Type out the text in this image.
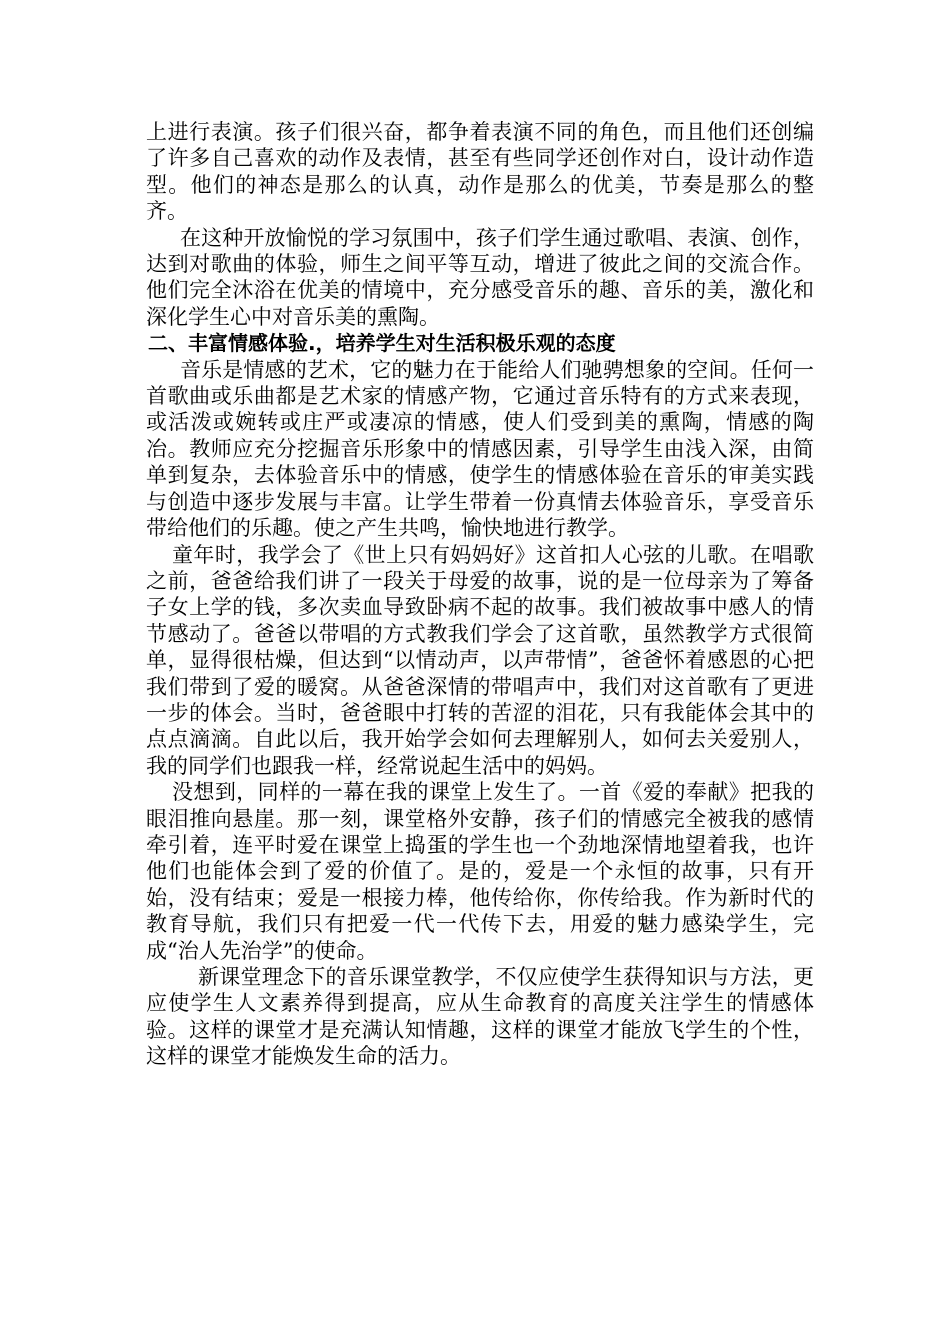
上进行表演。孩子们很兴奋，都争着表演不同的角色，而且他们还创编了许多自己喜欢的动作及表情，甚至有些同学还创作对白，设计动作造型。他们的神态是那么的认真，动作是那么的优美，节奏是那么的整齐。

在这种开放愉悦的学习氛围中，孩子们学生通过歌唱、表演、创作，达到对歌曲的体验，师生之间平等互动，增进了彼此之间的交流合作。他们完全沐浴在优美的情境中，充分感受音乐的趣、音乐的美，激化和深化学生心中对音乐美的熏陶。

二、丰富情感体验.，培养学生对生活积极乐观的态度

音乐是情感的艺术，它的魅力在于能给人们驰骋想象的空间。任何一首歌曲或乐曲都是艺术家的情感产物，它通过音乐特有的方式来表现，或活泼或婉转或庄严或凄凉的情感，使人们受到美的熏陶，情感的陶冶。教师应充分挖掘音乐形象中的情感因素，引导学生由浅入深，由简单到复杂，去体验音乐中的情感，使学生的情感体验在音乐的审美实践与创造中逐步发展与丰富。让学生带着一份真情去体验音乐，享受音乐带给他们的乐趣。使之产生共鸣，愉快地进行教学。

童年时，我学会了《世上只有妈妈好》这首扣人心弦的儿歌。在唱歌之前，爸爸给我们讲了一段关于母爱的故事，说的是一位母亲为了筹备子女上学的钱，多次卖血导致卧病不起的故事。我们被故事中感人的情节感动了。爸爸以带唱的方式教我们学会了这首歌，虽然教学方式很简单，显得很枯燥，但达到“以情动声，以声带情”，爸爸怀着感恩的心把我们带到了爱的暖窝。从爸爸深情的带唱声中，我们对这首歌有了更进一步的体会。当时，爸爸眼中打转的苦涩的泪花，只有我能体会其中的点点滴滴。自此以后，我开始学会如何去理解别人，如何去关爱别人，我的同学们也跟我一样，经常说起生活中的妈妈。

没想到，同样的一幕在我的课堂上发生了。一首《爱的奉献》把我的眼泪推向悬崖。那一刻，课堂格外安静，孩子们的情感完全被我的感情牵引着，连平时爱在课堂上捣蛋的学生也一个劲地深情地望着我，也许他们也能体会到了爱的价值了。是的，爱是一个永恒的故事，只有开始，没有结束；爱是一根接力棒，他传给你，你传给我。作为新时代的教育导航，我们只有把爱一代一代传下去，用爱的魅力感染学生，完成“治人先治学”的使命。

新课堂理念下的音乐课堂教学，不仅应使学生获得知识与方法，更应使学生人文素养得到提高，应从生命教育的高度关注学生的情感体验。这样的课堂才是充满认知情趣，这样的课堂才能放飞学生的个性，这样的课堂才能焕发生命的活力。
